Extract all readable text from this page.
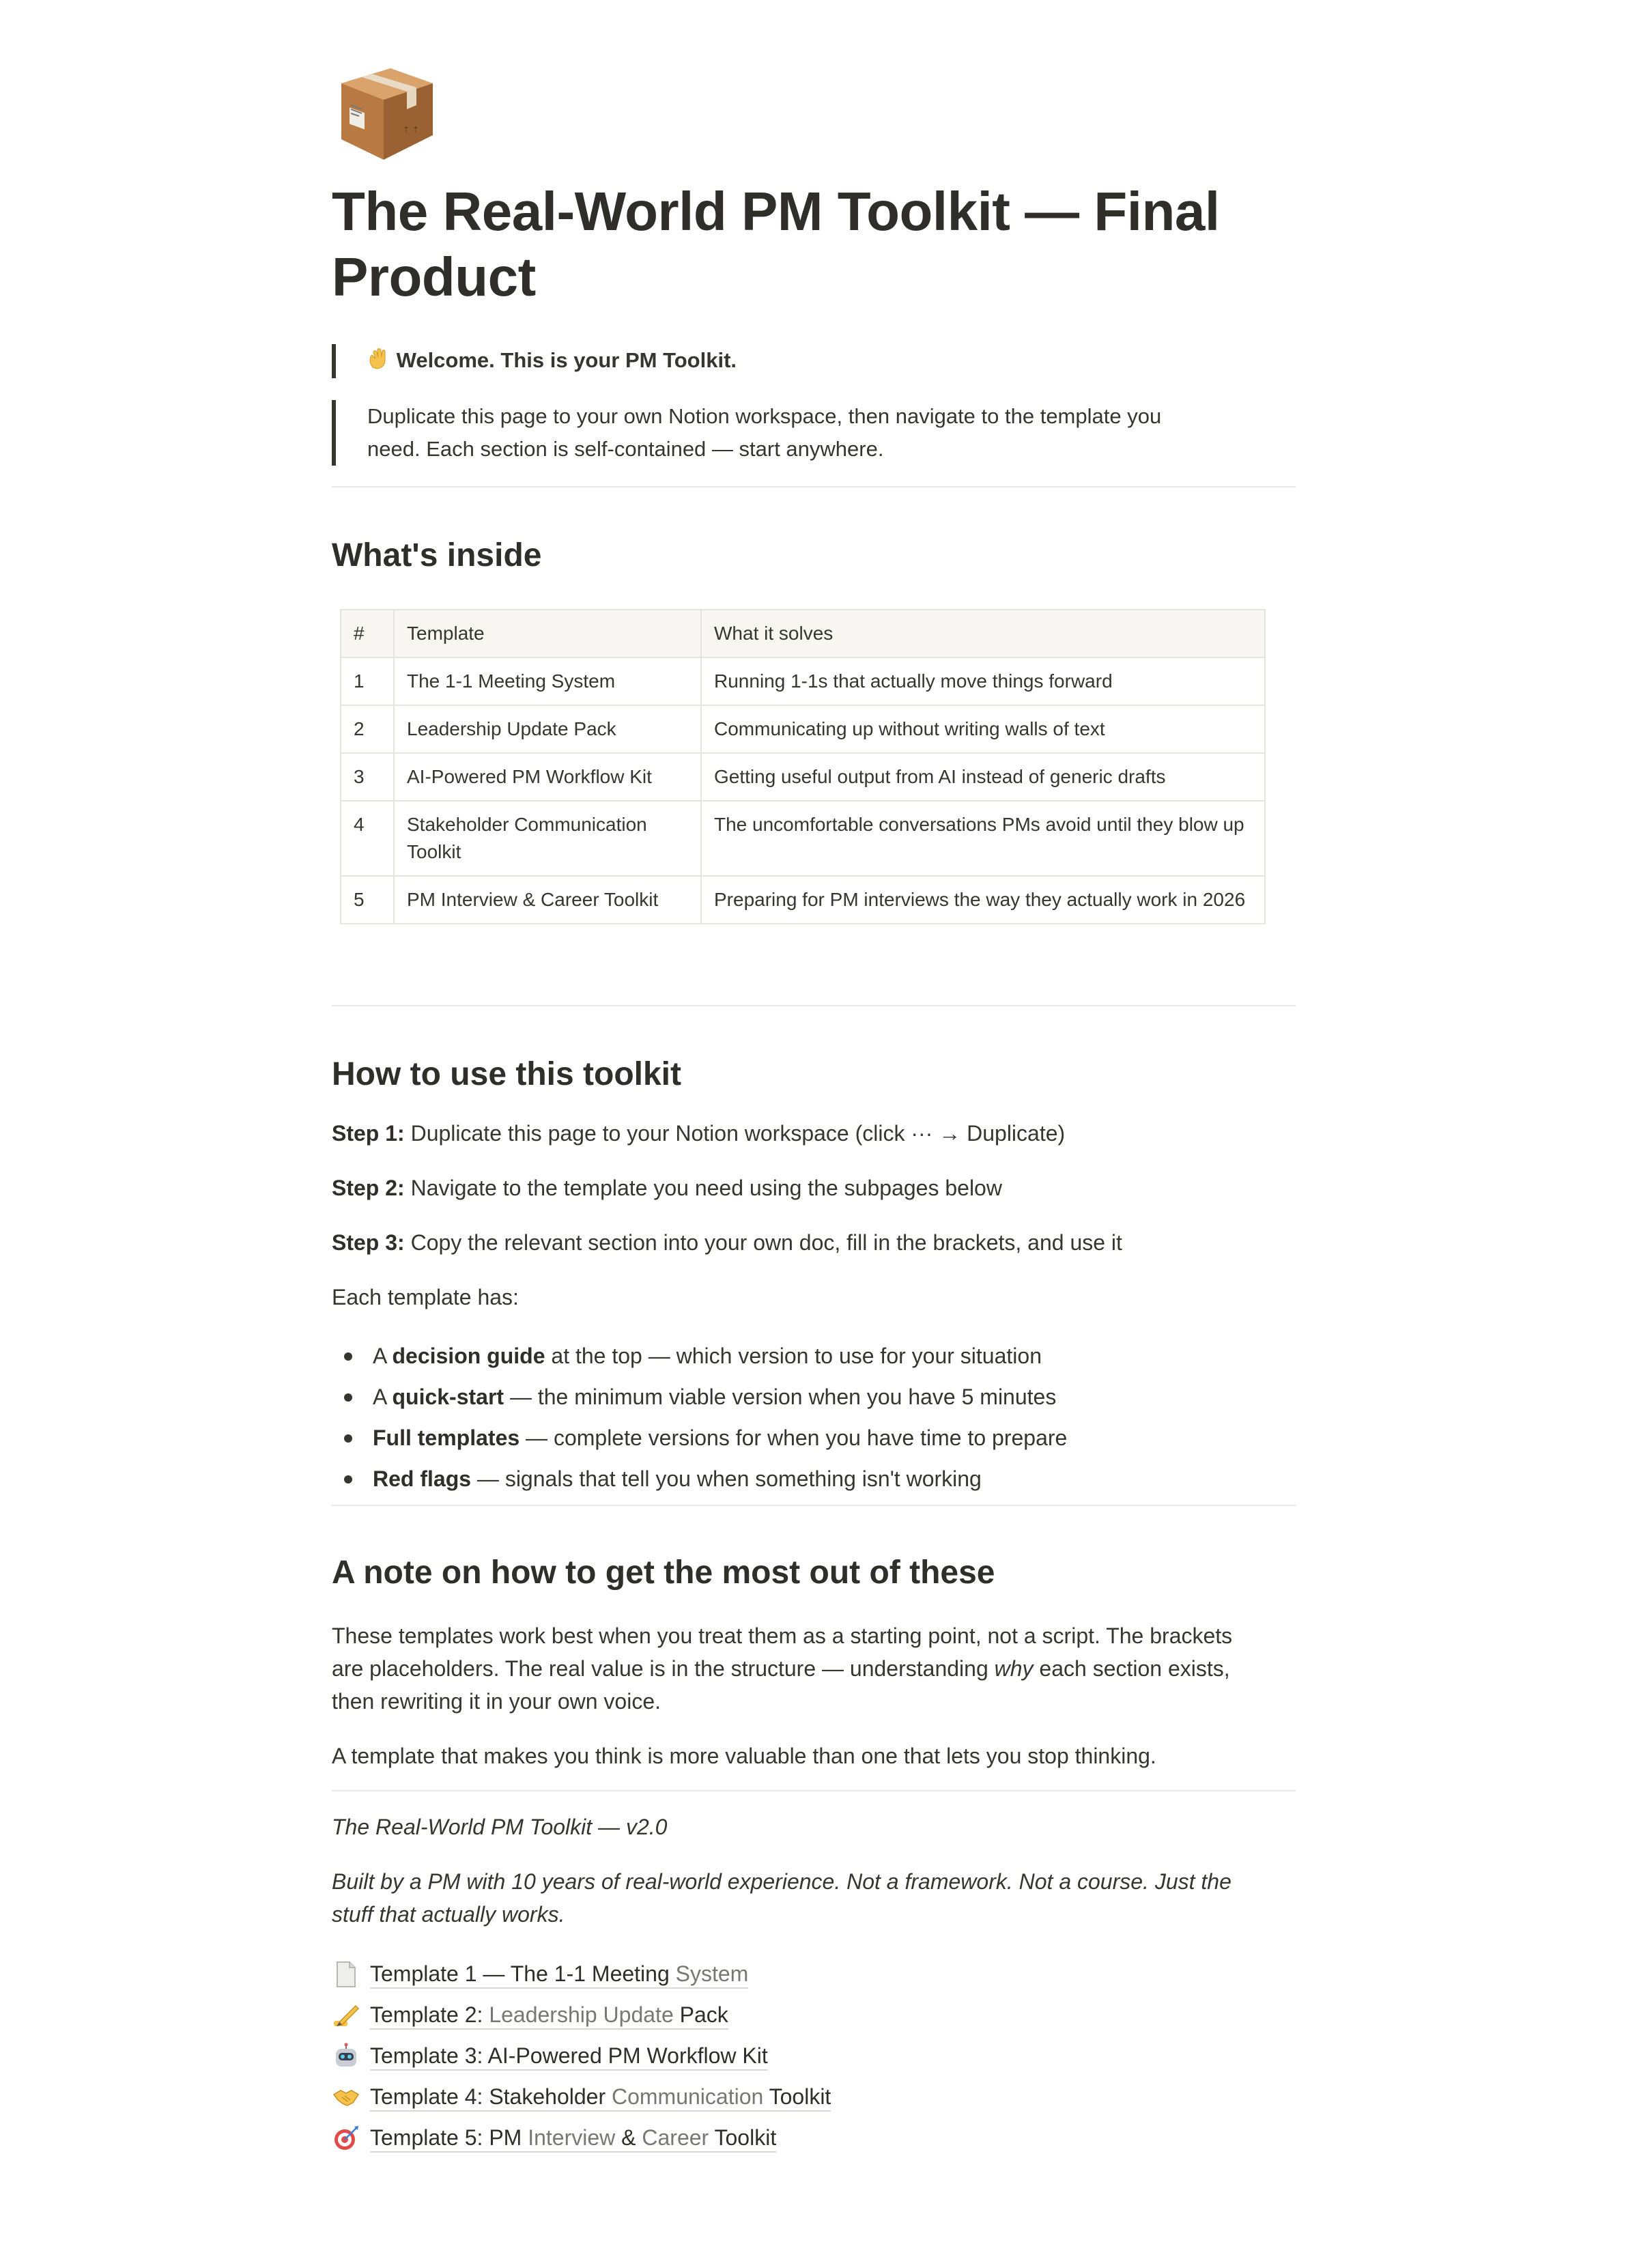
⇡ ⇡
The Real-World PM Toolkit — Final
Product

Welcome. This is your PM Toolkit.

Duplicate this page to your own Notion workspace, then navigate to the template you

need. Each section is self-contained — start anywhere.

What's inside
#	Template	What it solves
1	The 1-1 Meeting System	Running 1-1s that actually move things forward
2	Leadership Update Pack	Communicating up without writing walls of text
3	AI-Powered PM Workflow Kit	Getting useful output from AI instead of generic drafts
4	Stakeholder Communication Toolkit	The uncomfortable conversations PMs avoid until they blow up
5	PM Interview & Career Toolkit	Preparing for PM interviews the way they actually work in 2026
How to use this toolkit

Step 1: Duplicate this page to your Notion workspace (click ··· → Duplicate)

Step 2: Navigate to the template you need using the subpages below

Step 3: Copy the relevant section into your own doc, fill in the brackets, and use it

Each template has:

A decision guide at the top — which version to use for your situation
A quick-start — the minimum viable version when you have 5 minutes
Full templates — complete versions for when you have time to prepare
Red flags — signals that tell you when something isn't working
A note on how to get the most out of these
These templates work best when you treat them as a starting point, not a script. The brackets
are placeholders. The real value is in the structure — understanding why each section exists,
then rewriting it in your own voice.

A template that makes you think is more valuable than one that lets you stop thinking.

The Real-World PM Toolkit — v2.0

Built by a PM with 10 years of real-world experience. Not a framework. Not a course. Just the
stuff that actually works.
Template 1 — The 1-1 Meeting System
Template 2: Leadership Update Pack
Template 3: AI-Powered PM Workflow Kit
Template 4: Stakeholder Communication Toolkit
Template 5: PM Interview & Career Toolkit
